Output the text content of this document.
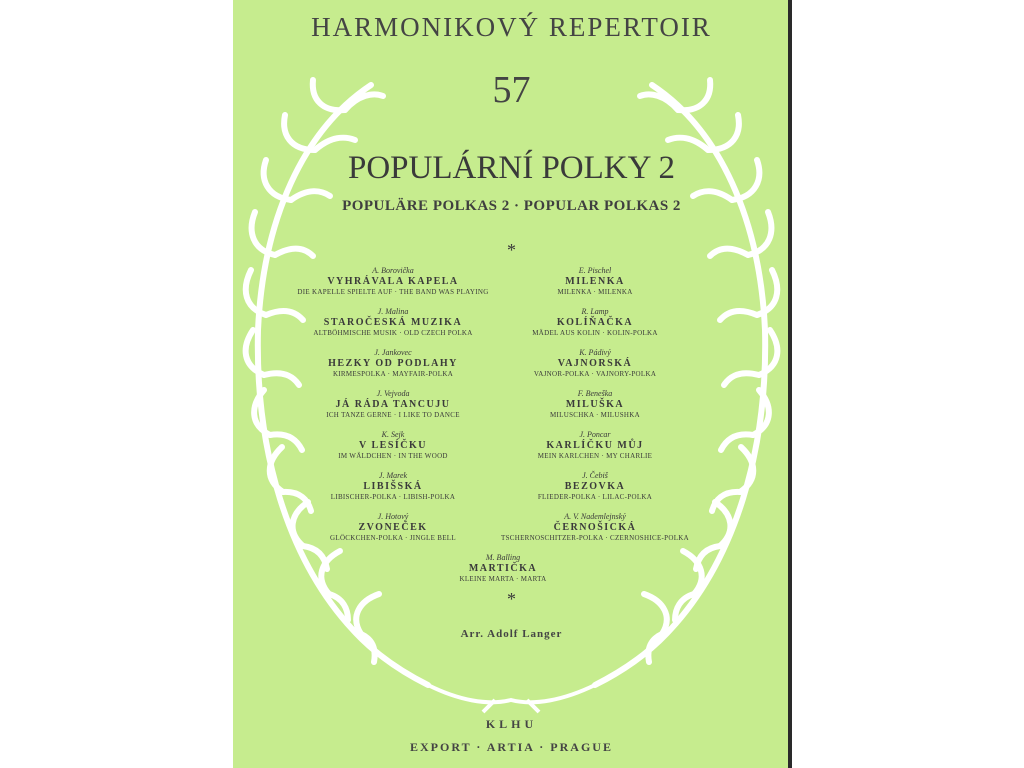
HARMONIKOVÝ REPERTOIR
57
POPULÁRNÍ POLKY 2
POPULÄRE POLKAS 2 · POPULAR POLKAS 2
*
A. Borovička
VYHRÁVALA KAPELA
DIE KAPELLE SPIELTE AUF · THE BAND WAS PLAYING
J. Malina
STAROČESKÁ MUZIKA
ALTBÖHMISCHE MUSIK · OLD CZECH POLKA
J. Jankovec
HEZKY OD PODLAHY
KIRMESPOLKA · MAYFAIR-POLKA
J. Vejvoda
JÁ RÁDA TANCUJU
ICH TANZE GERNE · I LIKE TO DANCE
K. Sejk
V LESÍČKU
IM WÄLDCHEN · IN THE WOOD
J. Marek
LIBIŠSKÁ
LIBISCHER-POLKA · LIBISH-POLKA
J. Hotový
ZVONEČEK
GLÖCKCHEN-POLKA · JINGLE BELL
E. Pischel
MILENKA
MILENKA · MILENKA
R. Lamp
KOLÍŇAČKA
MÄDEL AUS KOLIN · KOLIN-POLKA
K. Pádivý
VAJNORSKÁ
VAJNOR-POLKA · VAJNORY-POLKA
F. Beneška
MILUŠKA
MILUSCHKA · MILUSHKA
J. Poncar
KARLÍČKU MŮJ
MEIN KARLCHEN · MY CHARLIE
J. Čebiš
BEZOVKA
FLIEDER-POLKA · LILAC-POLKA
A. V. Nademlejnský
ČERNOŠICKÁ
TSCHERNOSCHITZER-POLKA · CZERNOSHICE-POLKA
M. Balling
MARTIČKA
KLEINE MARTA · MARTA
*
Arr. Adolf Langer
KLHU
EXPORT · ARTIA · PRAGUE
